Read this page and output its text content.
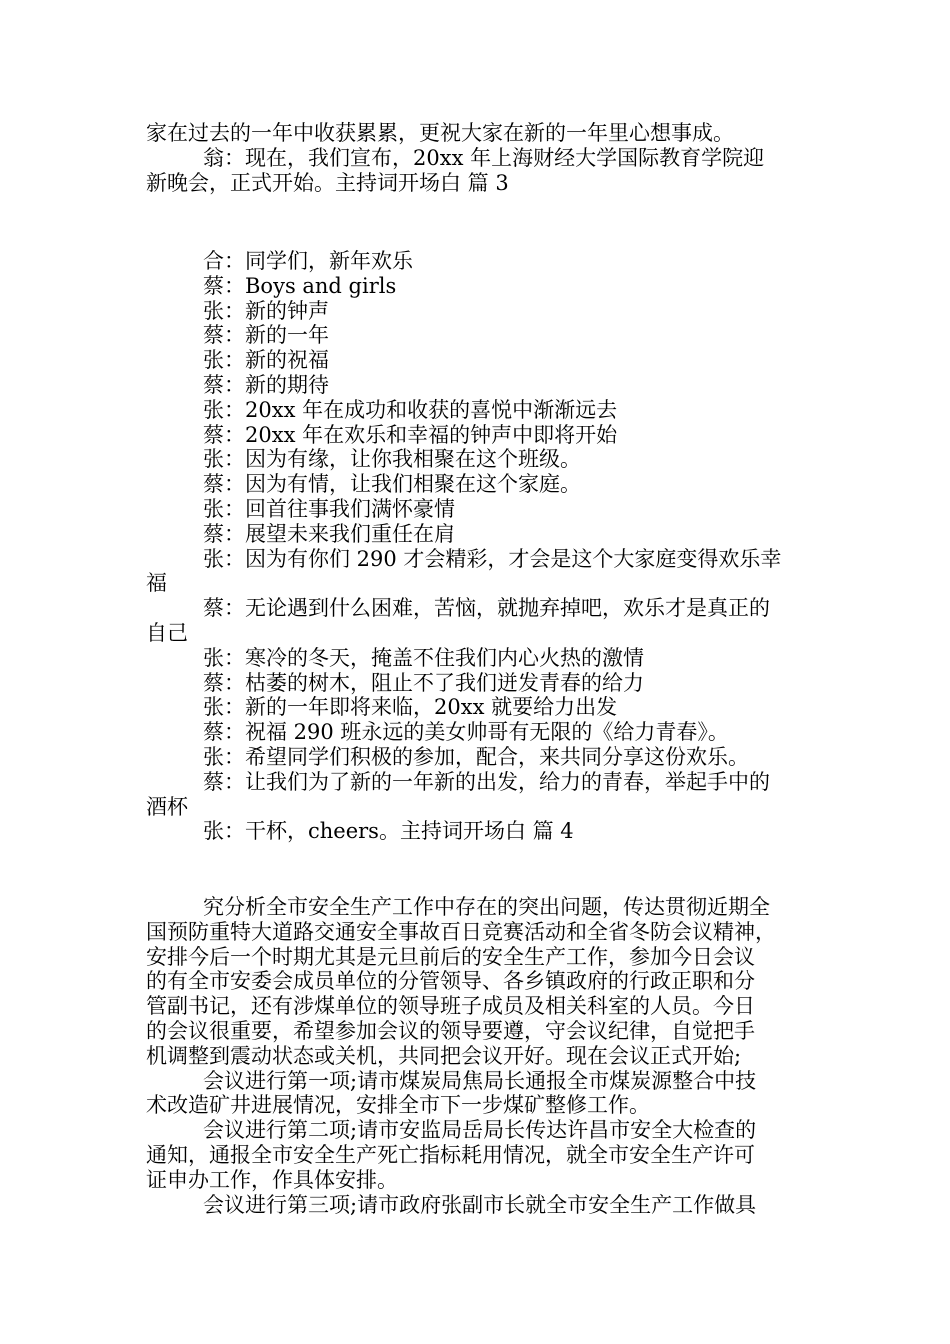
家在过去的一年中收获累累，更祝大家在新的一年里心想事成。
翁：现在，我们宣布，20xx 年上海财经大学国际教育学院迎
新晚会，正式开始。主持词开场白 篇 3
合：同学们，新年欢乐
蔡：Boys and girls
张：新的钟声
蔡：新的一年
张：新的祝福
蔡：新的期待
张：20xx 年在成功和收获的喜悦中渐渐远去
蔡：20xx 年在欢乐和幸福的钟声中即将开始
张：因为有缘，让你我相聚在这个班级。
蔡：因为有情，让我们相聚在这个家庭。
张：回首往事我们满怀豪情
蔡：展望未来我们重任在肩
张：因为有你们 290 才会精彩，才会是这个大家庭变得欢乐幸
福
蔡：无论遇到什么困难，苦恼，就抛弃掉吧，欢乐才是真正的
自己
张：寒冷的冬天，掩盖不住我们内心火热的激情
蔡：枯萎的树木，阻止不了我们迸发青春的给力
张：新的一年即将来临，20xx 就要给力出发
蔡：祝福 290 班永远的美女帅哥有无限的《给力青春》。
张：希望同学们积极的参加，配合，来共同分享这份欢乐。
蔡：让我们为了新的一年新的出发，给力的青春，举起手中的
酒杯
张：干杯，cheers。主持词开场白 篇 4
究分析全市安全生产工作中存在的突出问题，传达贯彻近期全
国预防重特大道路交通安全事故百日竞赛活动和全省冬防会议精神，
安排今后一个时期尤其是元旦前后的安全生产工作，参加今日会议
的有全市安委会成员单位的分管领导、各乡镇政府的行政正职和分
管副书记，还有涉煤单位的领导班子成员及相关科室的人员。今日
的会议很重要，希望参加会议的领导要遵，守会议纪律，自觉把手
机调整到震动状态或关机，共同把会议开好。现在会议正式开始;
会议进行第一项;请市煤炭局焦局长通报全市煤炭源整合中技
术改造矿井进展情况，安排全市下一步煤矿整修工作。
会议进行第二项;请市安监局岳局长传达许昌市安全大检查的
通知，通报全市安全生产死亡指标耗用情况，就全市安全生产许可
证申办工作，作具体安排。
会议进行第三项;请市政府张副市长就全市安全生产工作做具
